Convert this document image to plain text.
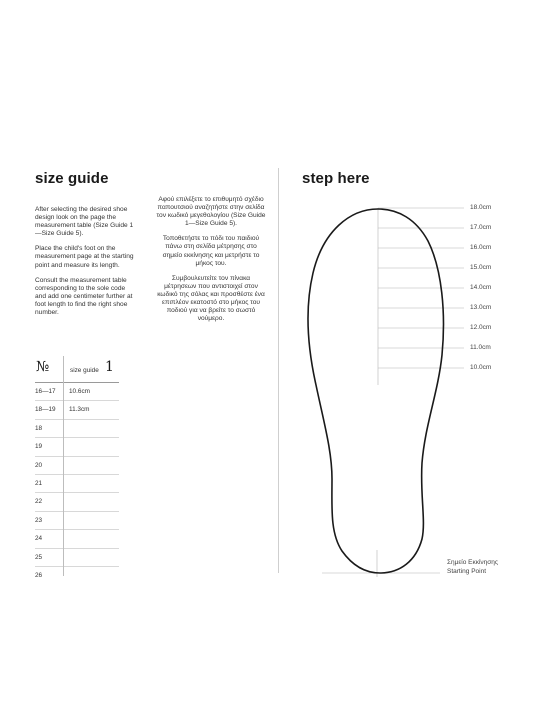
size guide

After selecting the desired shoe design look on the page the measurement table (Size Guide 1—Size Guide 5).

Place the child's foot on the measurement page at the starting point and measure its length.

Consult the measurement table corresponding to the sole code and add one centimeter further at foot length to find the right shoe number.

Αφού επιλέξετε το επιθυμητό σχέδιο παπουτσιού αναζητήστε στην σελίδα τον κωδικό μεγεθολογίου (Size Guide 1—Size Guide 5).

Τοποθετήστε το πόδι του παιδιού πάνω στη σελίδα μέτρησης στο σημείο εκκίνησης και μετρήστε το μήκος του.

Συμβουλευτείτε τον πίνακα μέτρησεων που αντιστοιχεί στον κωδικό της σόλας και προσθέστε ένα επιπλέον εκατοστό στο μήκος του ποδιού για να βρείτε το σωστό νούμερο.

№	size guide 1
16—17	10.6cm
18—19	11.3cm
18
19
20
21
22
23
24
25
26
step here
18.0cm
17.0cm
16.0cm
15.0cm
14.0cm
13.0cm
12.0cm
11.0cm
10.0cm
Σημείο Εκκίνησης
Starting Point
